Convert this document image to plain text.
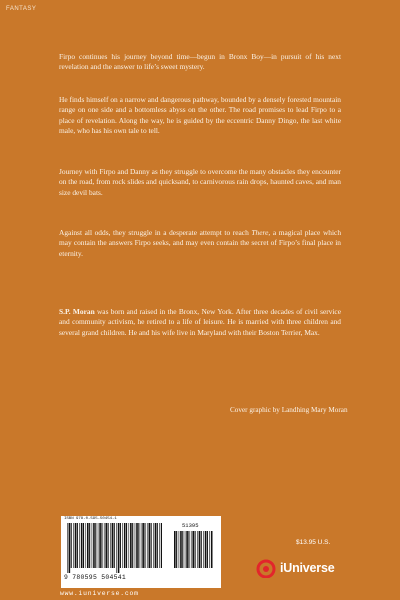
FANTASY

Firpo continues his journey beyond time—begun in Bronx Boy—in pursuit of his next revelation and the answer to life’s sweet mystery.

He finds himself on a narrow and dangerous pathway, bounded by a densely forested mountain range on one side and a bottomless abyss on the other. The road promises to lead Firpo to a place of revelation. Along the way, he is guided by the eccentric Danny Dingo, the last white male, who has his own tale to tell.

Journey with Firpo and Danny as they struggle to overcome the many obstacles they encounter on the road, from rock slides and quicksand, to carnivorous rain drops, haunted caves, and man size devil bats.

Against all odds, they struggle in a desperate attempt to reach There, a magical place which may contain the answers Firpo seeks, and may even contain the secret of Firpo’s final place in eternity.

S.P. Moran was born and raised in the Bronx, New York. After three decades of civil service and community activism, he retired to a life of leisure. He is married with three children and several grand children. He and his wife live in Maryland with their Boston Terrier, Max.

Cover graphic by Landhing Mary Moran
ISBN 978-0-595-50454-1
51395
9 780595 504541
www.iuniverse.com
$13.95 U.S.
iUniverse
